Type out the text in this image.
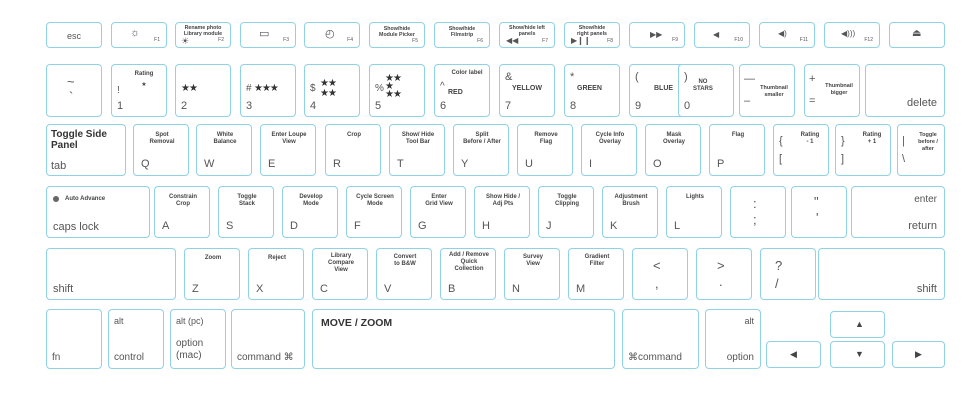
esc	☼
F1
Rename photo
Library module
☀	F2	▭	F3	◴	F4
Show/hide
Module Picker
F5
Show/hide
Filmstrip
F6
Show/hide left
panels
◀◀	F7
Show/hide
right panels
▶❙❙	F8
▶▶
F9
◀
F10
◀)
F11
◀)))
F12
⏏
~
`
Rating
★
!
1
★★
2
# ★★★
3
$ ★★
★★
4
%
★★
★
★★
5
Color label
^
RED
6
&
YELLOW
7
*
GREEN
8
(
BLUE
9
)	NO
STARS
0
—
Thumbnail
smaller
–
+
Thumbnail
bigger
=	delete
Toggle Side
Panel
tab
Spot
Removal
Q
White
Balance
W
Enter Loupe
View
E
Crop
R
Show/ Hide
Tool Bar
T
Split
Before / After
Y
Remove
Flag
U
Cycle Info
Overlay
I
Mask
Overlay
O
Flag
P
{	Rating
- 1
[
}	Rating
+ 1
]
|	Toggle
before /
after
\
Auto Advance
caps lock
Constrain
Crop
A
Toggle
Stack
S
Develop
Mode
D
Cycle Screen
Mode
F
Enter
Grid View
G
Show Hide /
Adj Pts
H
Toggle
Clipping
J
Adjustment
Brush
K
Lights
L
:
;
"
'
enter
return
shift
Zoom
Z
Reject
X
Library
Compare
View
C
Convert
to B&W
V
Add / Remove
Quick
Collection
B
Survey
View
N
Gradient
Filter
M
<
,
>
.
?
/	shift
fn
alt
control
alt (pc)
option
(mac)	command ⌘
MOVE / ZOOM
⌘command
alt
option	◀
▲
▼	▶
